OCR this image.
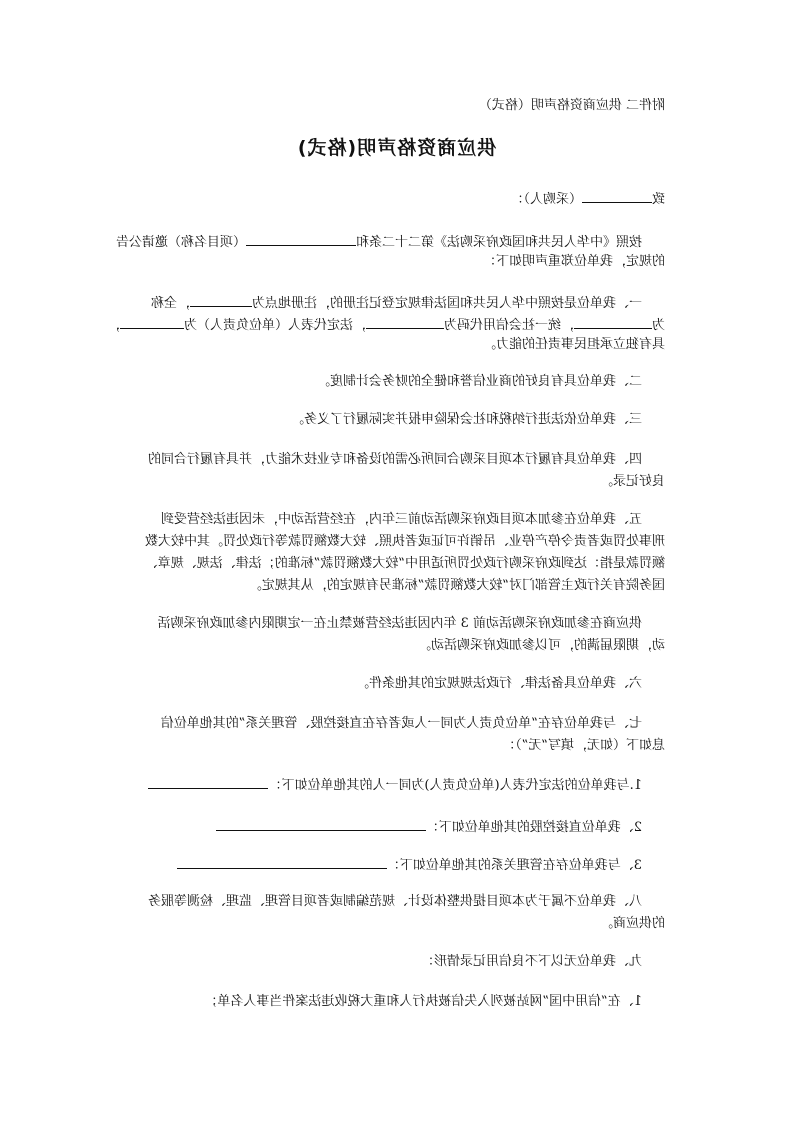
附件二 供应商资格声明（格式）
供应商资格声明(格式)
致（采购人）：
按照《中华人民共和国政府采购法》第二十二条和（项目名称）邀请公告
的规定，我单位郑重声明如下：
一、我单位是按照中华人民共和国法律规定登记注册的，注册地点为，全称
为，统一社会信用代码为，法定代表人（单位负责人）为，
具有独立承担民事责任的能力。
二、我单位具有良好的商业信誉和健全的财务会计制度。
三、我单位依法进行纳税和社会保险申报并实际履行了义务。
四、我单位具有履行本项目采购合同所必需的设备和专业技术能力，并具有履行合同的
良好记录。
五、我单位在参加本项目政府采购活动前三年内，在经营活动中，未因违法经营受到
刑事处罚或者责令停产停业、吊销许可证或者执照、较大数额罚款等行政处罚。其中较大数
额罚款是指：达到政府采购行政处罚所适用中“较大数额罚款”标准的；法律、法规、规章、
国务院有关行政主管部门对“较大数额罚款”标准另有规定的，从其规定。
供应商在参加政府采购活动前 3 年内因违法经营被禁止在一定期限内参加政府采购活
动，期限届满的，可以参加政府采购活动。
六、我单位具备法律、行政法规规定的其他条件。
七、与我单位存在“单位负责人为同一人或者存在直接控股、管理关系”的其他单位信
息如下（如无，填写“无”）：
1.与我单位的法定代表人(单位负责人)为同一人的其他单位如下：
2、我单位直接控股的其他单位如下：
3、与我单位存在管理关系的其他单位如下：
八、我单位不属于为本项目提供整体设计、规范编制或者项目管理、监理、检测等服务
的供应商。
九、我单位无以下不良信用记录情形：
1、在“信用中国”网站被列入失信被执行人和重大税收违法案件当事人名单；
